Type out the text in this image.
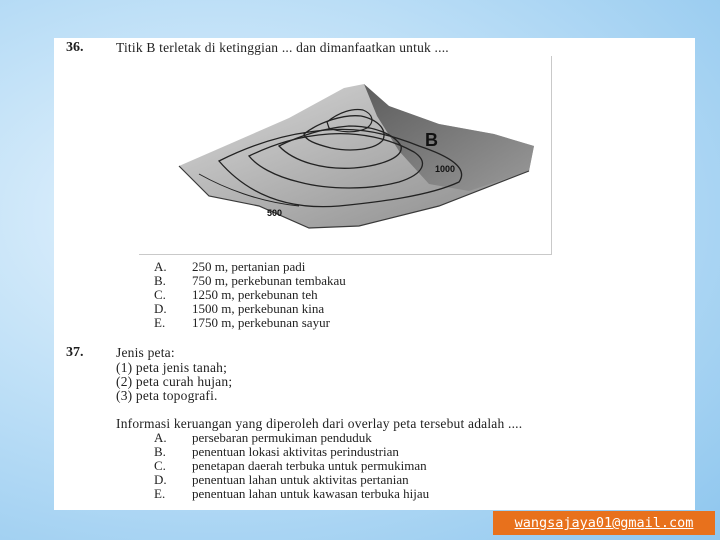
36. Titik B terletak di ketinggian ... dan dimanfaatkan untuk ....
B
1000
500
A. 250 m, pertanian padi
B. 750 m, perkebunan tembakau
C. 1250 m, perkebunan teh
D. 1500 m, perkebunan kina
E. 1750 m, perkebunan sayur
37. Jenis peta:
(1) peta jenis tanah;
(2) peta curah hujan;
(3) peta topografi.
Informasi keruangan yang diperoleh dari overlay peta tersebut adalah ....
A. persebaran permukiman penduduk
B. penentuan lokasi aktivitas perindustrian
C. penetapan daerah terbuka untuk permukiman
D. penentuan lahan untuk aktivitas pertanian
E. penentuan lahan untuk kawasan terbuka hijau
wangsajaya01@gmail.com
